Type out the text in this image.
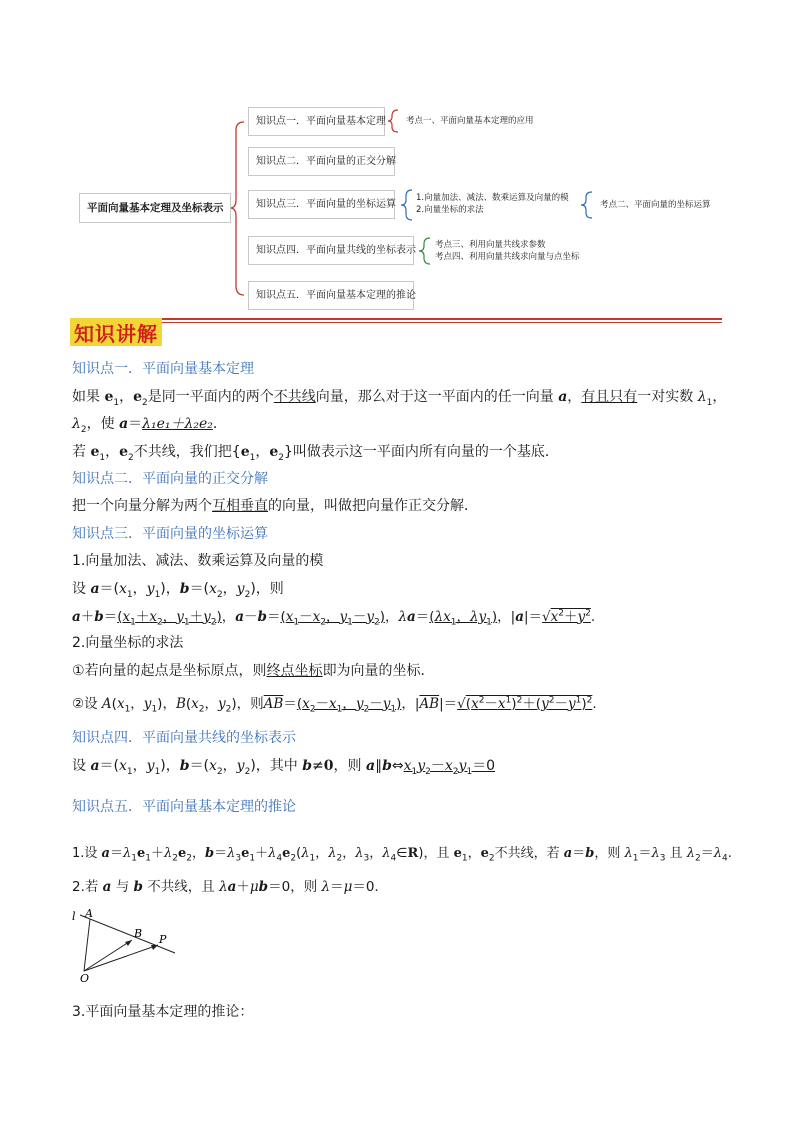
平面向量基本定理及坐标表示
知识点一．平面向量基本定理
知识点二．平面向量的正交分解
知识点三．平面向量的坐标运算
知识点四．平面向量共线的坐标表示
知识点五．平面向量基本定理的推论
考点一、平面向量基本定理的应用
1.向量加法、减法、数乘运算及向量的模
2.向量坐标的求法	考点二、平面向量的坐标运算
考点三、利用向量共线求参数
考点四、利用向量共线求向量与点坐标
知识讲解
知识点一．平面向量基本定理
如果 $e_1$，$e_2$是同一平面内的两个不共线向量，那么对于这一平面内的任一向量 a，有且只有一对实数 $\lambda_1$，
$\lambda_2$，使 a＝λ₁e₁＋λ₂e₂.
若 $e_1$，$e_2$不共线，我们把{$e_1$，$e_2$}叫做表示这一平面内所有向量的一个基底．
知识点二．平面向量的正交分解
把一个向量分解为两个互相垂直的向量，叫做把向量作正交分解．
知识点三．平面向量的坐标运算
1.向量加法、减法、数乘运算及向量的模
设 $a=(x_1$，$y_1$)，$b=(x_2$，$y_2$)，则
$a+b=(x_1+x_2$，$y_1+y_2$)，$a-b=(x_1-x_2$，$y_1-y_2$)，$\lambda a=(\lambda x_1$，$\lambda y_1$)，$|a|=√x^2+y^2$.
2.向量坐标的求法
①若向量的起点是坐标原点，则终点坐标即为向量的坐标．
②设 $A(x_1$，$y_1$)，$B(x_2$，$y_2$)，则$\overline{AB}=(x_2-x_1$，$y_2-y_1$)，$|\overline{AB}|=√(x^2-x^1)^2+(y^2-y^1)^2$.
知识点四．平面向量共线的坐标表示
设 $a=(x_1$，$y_1$)，$b=(x_2$，$y_2$)，其中 b≠0，则 $a\parallel b\Leftrightarrow x_1y_2-x_2y_1=0$
知识点五．平面向量基本定理的推论
1.设 $a=\lambda_1e_1+\lambda_2e_2$，$b=\lambda_3e_1+\lambda_4e_2(\lambda_1$，$\lambda_2$，$\lambda_3$，$\lambda_4\in R$)，且 $e_1$，$e_2$不共线，若 a＝b，则 $\lambda_1=\lambda_3$ 且 $\lambda_2=\lambda_4$.
2.若 a 与 b 不共线，且 λa＋μb＝0，则 λ＝μ＝0.
l A
B P
O
3.平面向量基本定理的推论：
